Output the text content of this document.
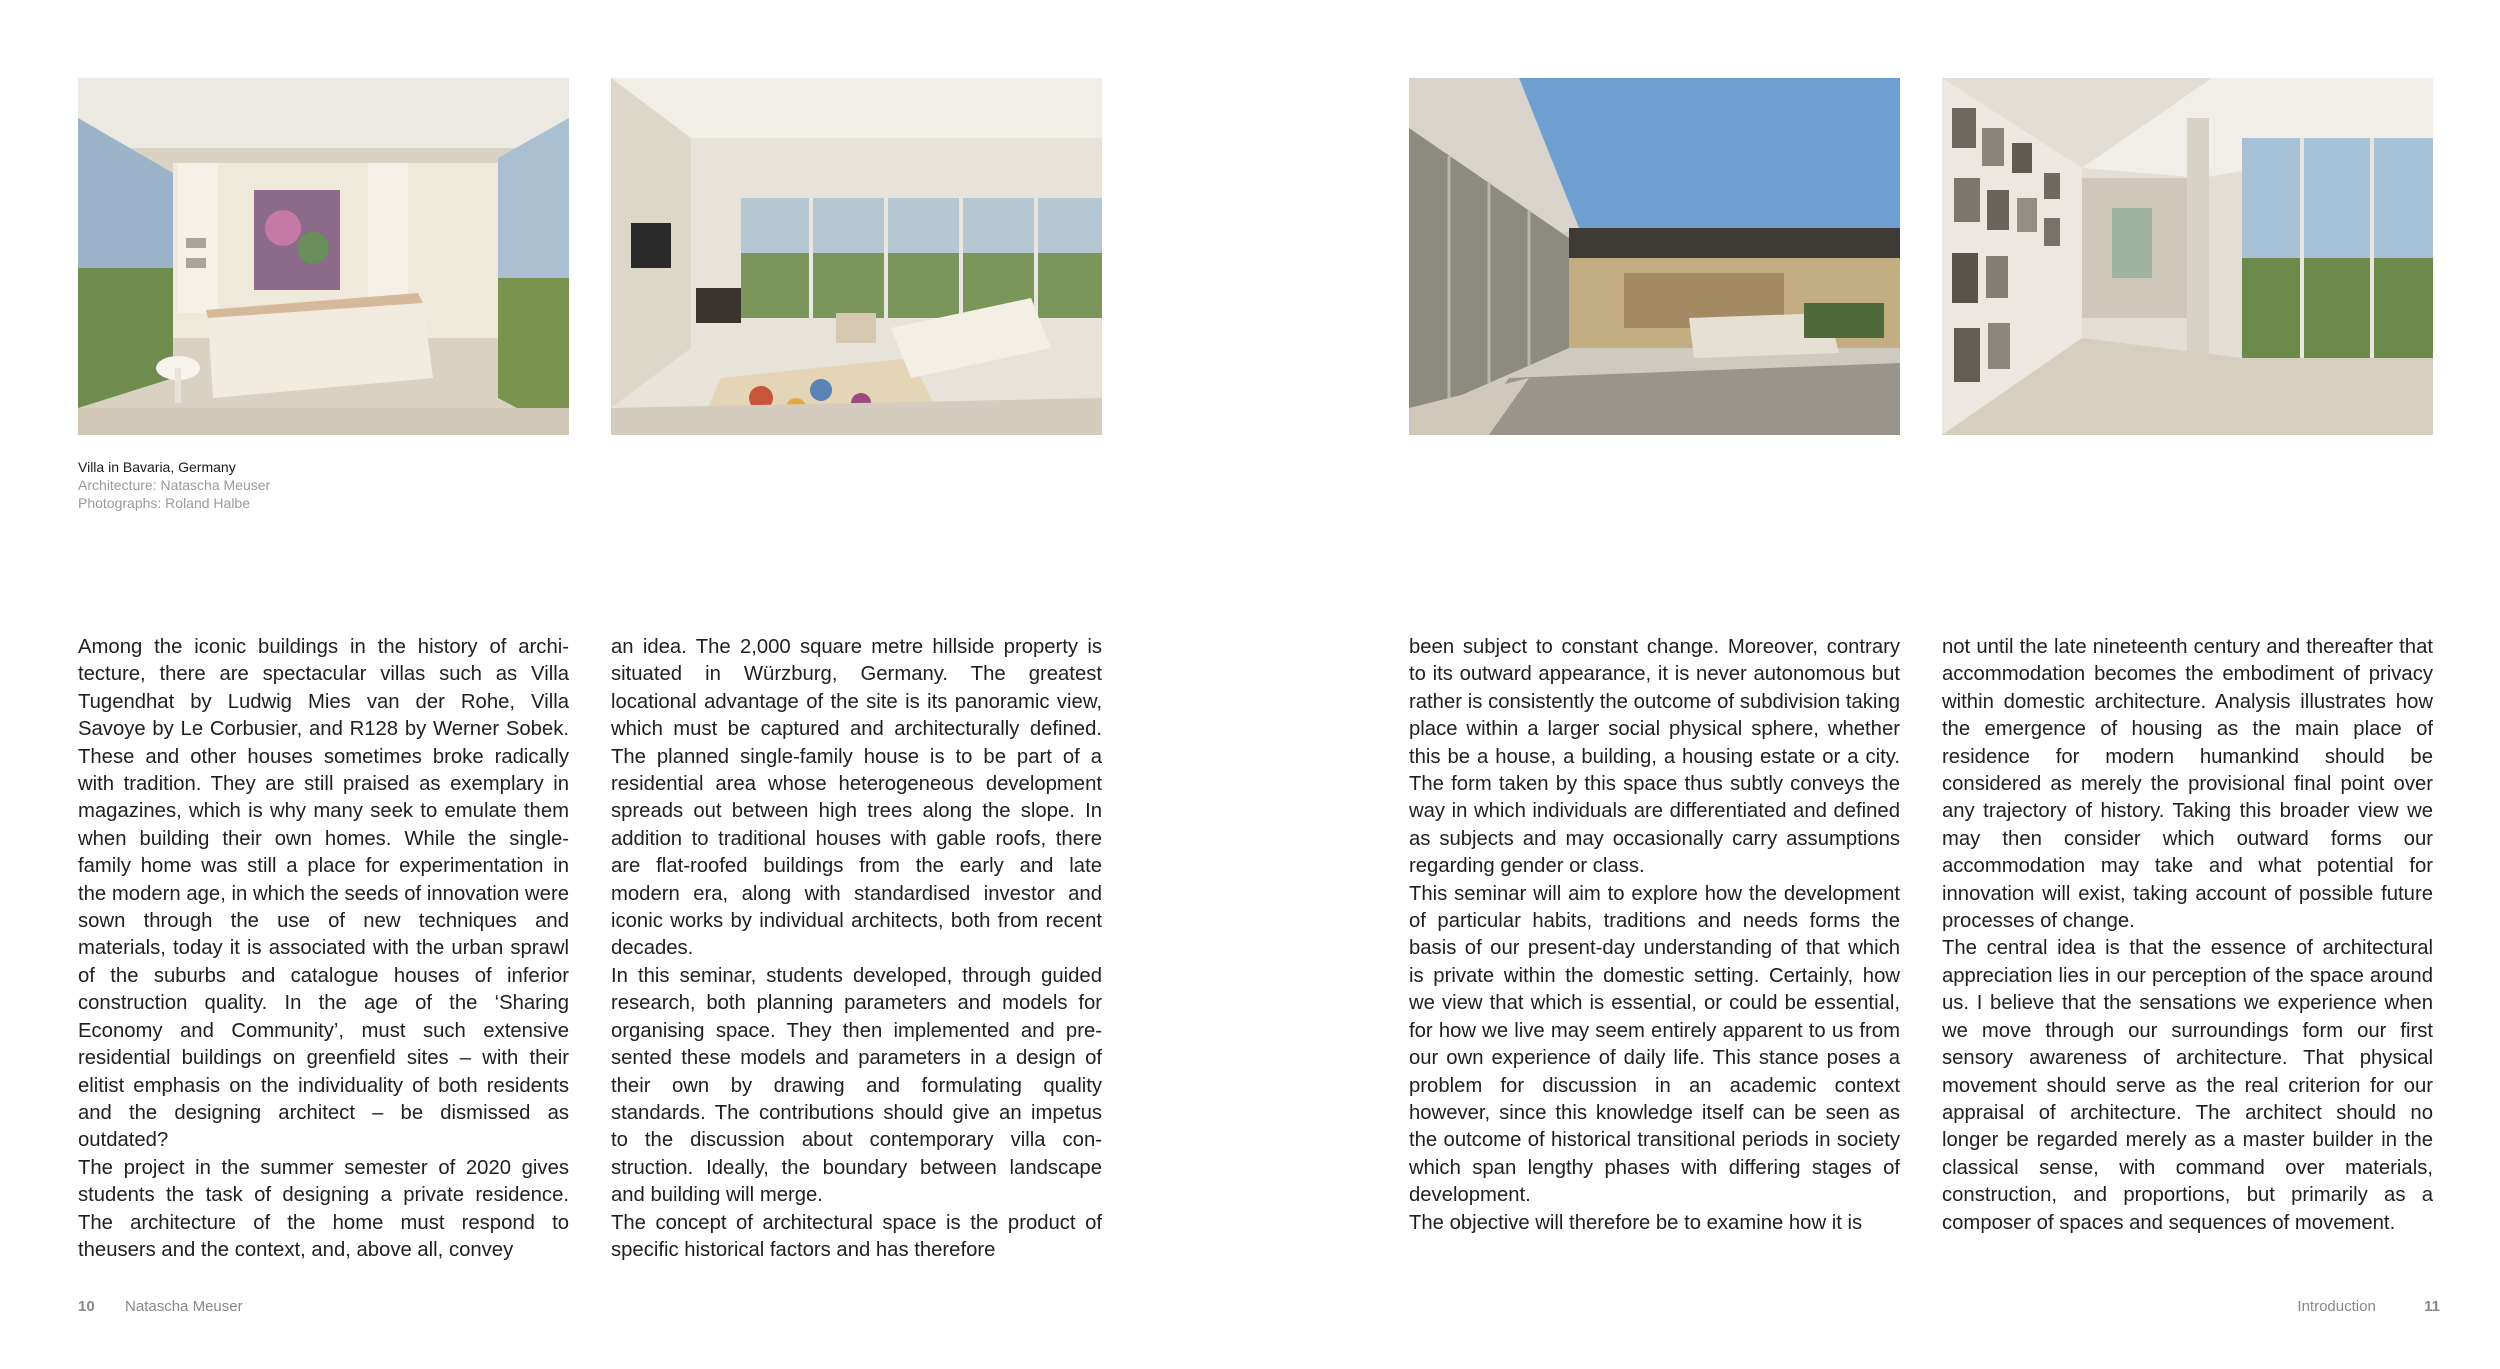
Villa in Bavaria, Germany
Architecture: Natascha Meuser
Photographs: Roland Halbe

Among the iconic buildings in the history of architecture, there are spectacular villas such as Villa Tugendhat by Ludwig Mies van der Rohe, Villa Savoye by Le Corbusier, and R128 by Werner Sobek. These and other houses sometimes broke radically with tradition. They are still praised as exemplary in magazines, which is why many seek to emulate them when building their own homes. While the single-family home was still a place for experimentation in the modern age, in which the seeds of innovation were sown through the use of new techniques and materials, today it is associated with the urban sprawl of the suburbs and catalogue houses of inferior construction quality. In the age of the ‘Sharing Economy and Community’, must such extensive residential buildings on greenfield sites – with their elitist emphasis on the individuality of both residents and the designing architect – be dismissed as outdated?

The project in the summer semester of 2020 gives students the task of designing a private residence. The architecture of the home must respond to theusers and the context, and, above all, convey

an idea. The 2,000 square metre hillside property is situated in Würzburg, Germany. The greatest locational advantage of the site is its panoramic view, which must be captured and architecturally defined. The planned single-family house is to be part of a residential area whose heterogeneous development spreads out between high trees along the slope. In addition to traditional houses with gable roofs, there are flat-roofed buildings from the early and late modern era, along with standardised investor and iconic works by individual architects, both from recent decades.

In this seminar, students developed, through guided research, both planning parameters and models for organising space. They then implemented and presented these models and parameters in a design of their own by drawing and formulating quality standards. The contributions should give an impetus to the discussion about contemporary villa construction. Ideally, the boundary between landscape and building will merge.

The concept of architectural space is the product of specific historical factors and has therefore

been subject to constant change. Moreover, contrary to its outward appearance, it is never autonomous but rather is consistently the outcome of subdivision taking place within a larger social physical sphere, whether this be a house, a building, a housing estate or a city. The form taken by this space thus subtly conveys the way in which individuals are differentiated and defined as subjects and may occasionally carry assumptions regarding gender or class.

This seminar will aim to explore how the development of particular habits, traditions and needs forms the basis of our present-day understanding of that which is private within the domestic setting. Certainly, how we view that which is essential, or could be essential, for how we live may seem entirely apparent to us from our own experience of daily life. This stance poses a problem for discussion in an academic context however, since this knowledge itself can be seen as the outcome of historical transitional periods in society which span lengthy phases with differing stages of development.

The objective will therefore be to examine how it is

not until the late nineteenth century and thereafter that accommodation becomes the embodiment of privacy within domestic architecture. Analysis illustrates how the emergence of housing as the main place of residence for modern humankind should be considered as merely the provisional final point over any trajectory of history. Taking this broader view we may then consider which outward forms our accommodation may take and what potential for innovation will exist, taking account of possible future processes of change.

The central idea is that the essence of architectural appreciation lies in our perception of the space around us. I believe that the sensations we experience when we move through our surroundings form our first sensory awareness of architecture. That physical movement should serve as the real criterion for our appraisal of architecture. The architect should no longer be regarded merely as a master builder in the classical sense, with command over materials, construction, and proportions, but primarily as a composer of spaces and sequences of movement.

10 Natascha Meuser	Introduction	11
